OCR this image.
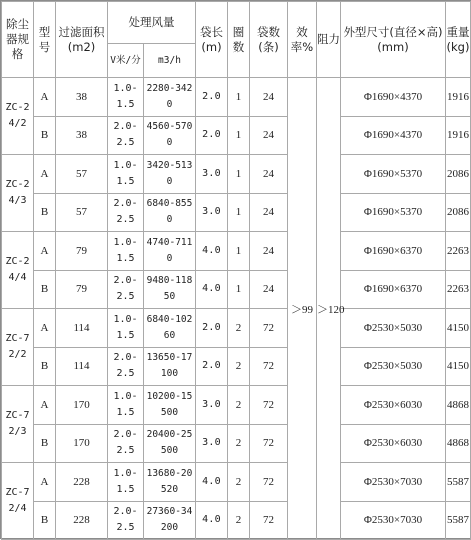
除尘器规格	型号	过滤面积(m2)	处理风量		袋长(m)	圈数	袋数(条)	效率%	阻力	外型尺寸(直径×高)(mm)	重量(kg)
			V米/分	m3/h							
ZC-24/2	A	38	1.0-1.5	2280-3420	2.0	1	24	＞99	＞120	Φ1690×4370	1916
	B	38	2.0-2.5	4560-5700	2.0	1	24			Φ1690×4370	1916
ZC-24/3	A	57	1.0-1.5	3420-5130	3.0	1	24			Φ1690×5370	2086
	B	57	2.0-2.5	6840-8550	3.0	1	24			Φ1690×5370	2086
ZC-24/4	A	79	1.0-1.5	4740-7110	4.0	1	24			Φ1690×6370	2263
	B	79	2.0-2.5	9480-11850	4.0	1	24			Φ1690×6370	2263
ZC-72/2	A	114	1.0-1.5	6840-10260	2.0	2	72			Φ2530×5030	4150
	B	114	2.0-2.5	13650-17100	2.0	2	72			Φ2530×5030	4150
ZC-72/3	A	170	1.0-1.5	10200-15500	3.0	2	72			Φ2530×6030	4868
	B	170	2.0-2.5	20400-25500	3.0	2	72			Φ2530×6030	4868
ZC-72/4	A	228	1.0-1.5	13680-20520	4.0	2	72			Φ2530×7030	5587
	B	228	2.0-2.5	27360-34200	4.0	2	72			Φ2530×7030	5587
